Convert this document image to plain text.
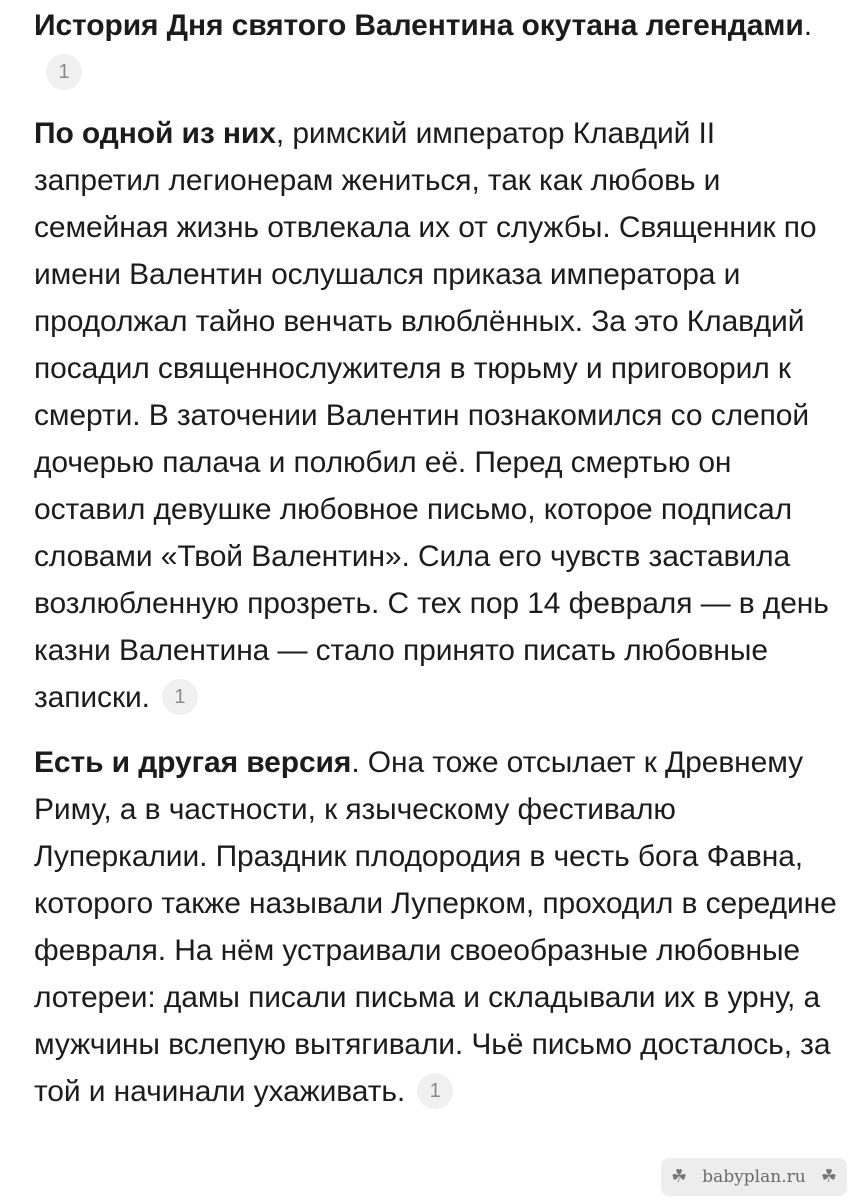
История Дня святого Валентина окутана легендами.1

По одной из них, римский император Клавдий II запретил легионерам жениться, так как любовь и семейная жизнь отвлекала их от службы. Священник по имени Валентин ослушался приказа императора и продолжал тайно венчать влюблённых. За это Клавдий посадил священнослужителя в тюрьму и приговорил к смерти. В заточении Валентин познакомился со слепой дочерью палача и полюбил её. Перед смертью он оставил девушке любовное письмо, которое подписал словами «Твой Валентин». Сила его чувств заставила возлюбленную прозреть. С тех пор 14 февраля — в день казни Валентина — стало принято писать любовные записки. 1

Есть и другая версия. Она тоже отсылает к Древнему Риму, а в частности, к языческому фестивалю Луперкалии. Праздник плодородия в честь бога Фавна, которого также называли Луперком, проходил в середине февраля. На нём устраивали своеобразные любовные лотереи: дамы писали письма и складывали их в урну, а мужчины вслепую вытягивали. Чьё письмо досталось, за той и начинали ухаживать. 1

☘ babyplan.ru ☘
